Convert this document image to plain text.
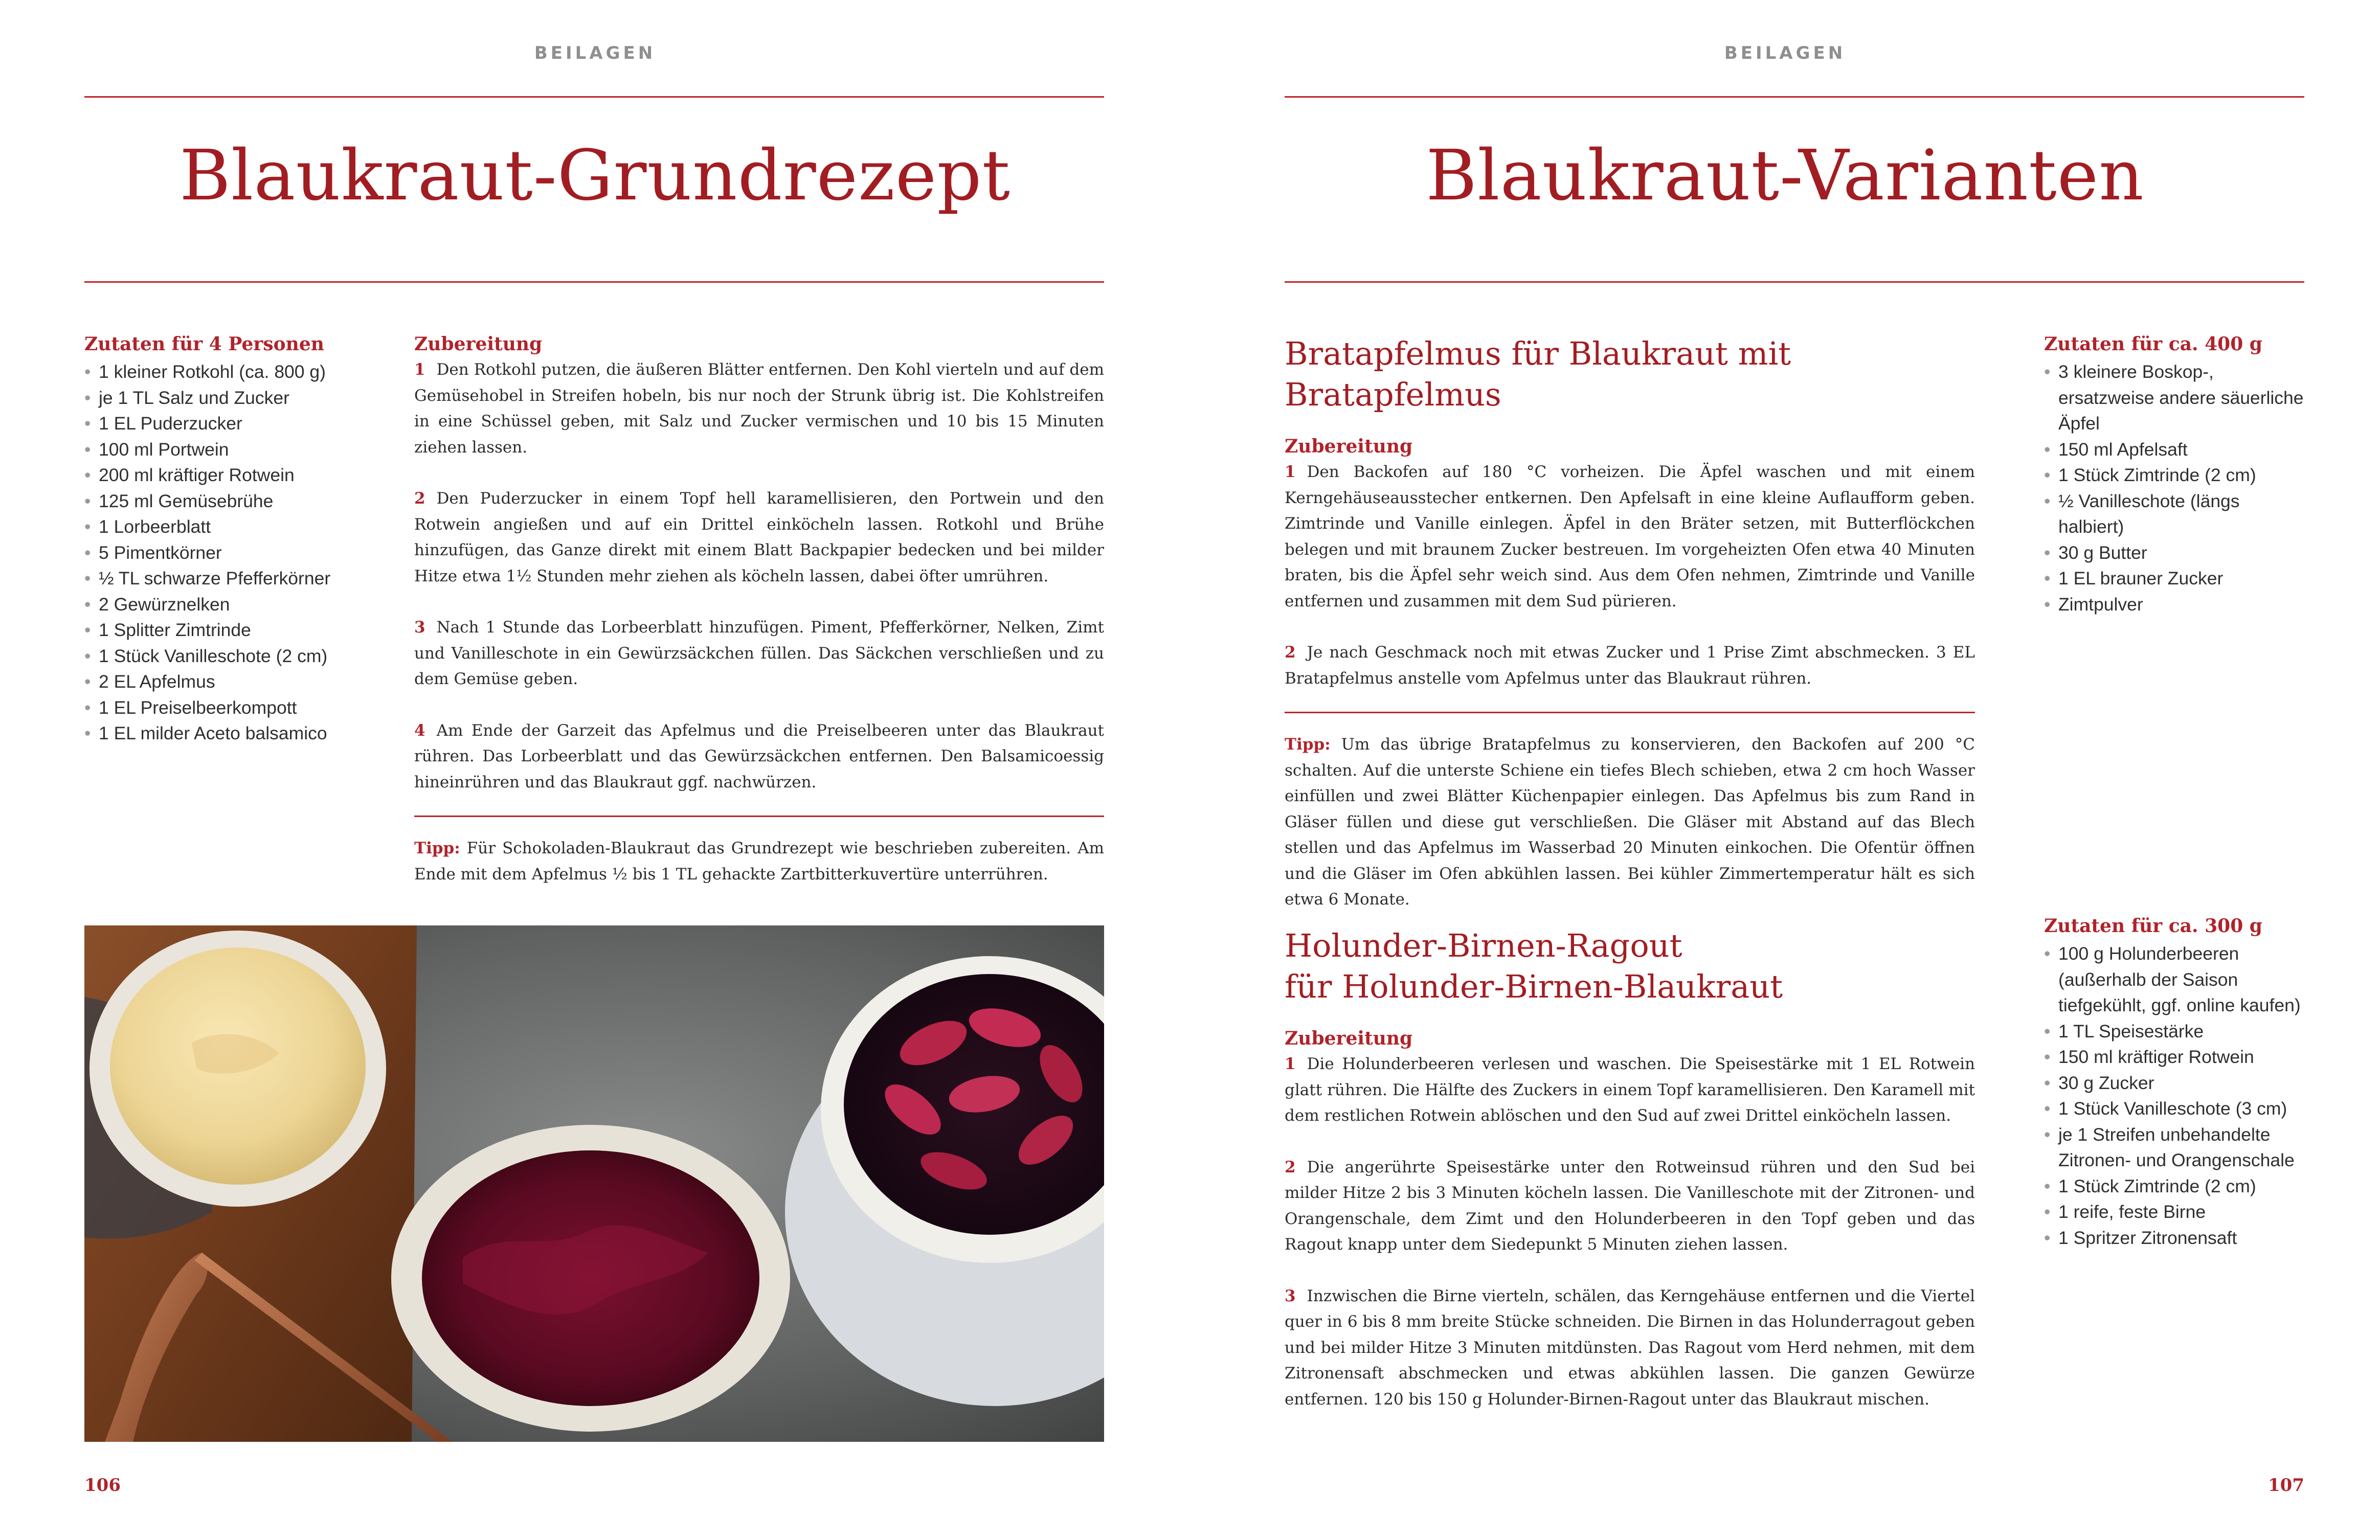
BEILAGEN
Blaukraut-Grundrezept
Zutaten für 4 Personen
• 1 kleiner Rotkohl (ca. 800 g)
• je 1 TL Salz und Zucker
• 1 EL Puderzucker
• 100 ml Portwein
• 200 ml kräftiger Rotwein
• 125 ml Gemüsebrühe
• 1 Lorbeerblatt
• 5 Pimentkörner
• ½ TL schwarze Pfefferkörner
• 2 Gewürznelken
• 1 Splitter Zimtrinde
• 1 Stück Vanilleschote (2 cm)
• 2 EL Apfelmus
• 1 EL Preiselbeerkompott
• 1 EL milder Aceto balsamico
Zubereitung

1 Den Rotkohl putzen, die äußeren Blätter entfernen. Den Kohl vierteln und auf dem Gemüsehobel in Streifen hobeln, bis nur noch der Strunk übrig ist. Die Kohlstreifen in eine Schüssel geben, mit Salz und Zucker vermischen und 10 bis 15 Minuten ziehen lassen.

2 Den Puderzucker in einem Topf hell karamellisieren, den Portwein und den Rotwein angießen und auf ein Drittel einköcheln lassen. Rotkohl und Brühe hinzufügen, das Ganze direkt mit einem Blatt Backpapier bedecken und bei milder Hitze etwa 1½ Stunden mehr ziehen als köcheln lassen, dabei öfter umrühren.

3 Nach 1 Stunde das Lorbeerblatt hinzufügen. Piment, Pfefferkörner, Nelken, Zimt und Vanilleschote in ein Gewürzsäckchen füllen. Das Säckchen verschließen und zu dem Gemüse geben.

4 Am Ende der Garzeit das Apfelmus und die Preiselbeeren unter das Blaukraut rühren. Das Lorbeerblatt und das Gewürzsäckchen entfernen. Den Balsamicoessig hineinrühren und das Blaukraut ggf. nachwürzen.

Tipp: Für Schokoladen-Blaukraut das Grundrezept wie beschrieben zubereiten. Am Ende mit dem Apfelmus ½ bis 1 TL gehackte Zartbitterkuvertüre unterrühren.

106
BEILAGEN
Blaukraut-Varianten
Bratapfelmus für Blaukraut mit Bratapfelmus
Zubereitung

1 Den Backofen auf 180 °C vorheizen. Die Äpfel waschen und mit einem Kerngehäuseausstecher entkernen. Den Apfelsaft in eine kleine Auflaufform geben. Zimtrinde und Vanille einlegen. Äpfel in den Bräter setzen, mit Butterflöckchen belegen und mit braunem Zucker bestreuen. Im vorgeheizten Ofen etwa 40 Minuten braten, bis die Äpfel sehr weich sind. Aus dem Ofen nehmen, Zimtrinde und Vanille entfernen und zusammen mit dem Sud pürieren.

2 Je nach Geschmack noch mit etwas Zucker und 1 Prise Zimt abschmecken. 3 EL Bratapfelmus anstelle vom Apfelmus unter das Blaukraut rühren.

Tipp: Um das übrige Bratapfelmus zu konservieren, den Backofen auf 200 °C schalten. Auf die unterste Schiene ein tiefes Blech schieben, etwa 2 cm hoch Wasser einfüllen und zwei Blätter Küchenpapier einlegen. Das Apfelmus bis zum Rand in Gläser füllen und diese gut verschließen. Die Gläser mit Abstand auf das Blech stellen und das Apfelmus im Wasserbad 20 Minuten einkochen. Die Ofentür öffnen und die Gläser im Ofen abkühlen lassen. Bei kühler Zimmertemperatur hält es sich etwa 6 Monate.

Zutaten für ca. 400 g
• 3 kleinere Boskop-, ersatzweise andere säuerliche Äpfel
• 150 ml Apfelsaft
• 1 Stück Zimtrinde (2 cm)
• ½ Vanilleschote (längs halbiert)
• 30 g Butter
• 1 EL brauner Zucker
• Zimtpulver
Holunder-Birnen-Ragout
für Holunder-Birnen-Blaukraut
Zubereitung

1 Die Holunderbeeren verlesen und waschen. Die Speisestärke mit 1 EL Rotwein glatt rühren. Die Hälfte des Zuckers in einem Topf karamellisieren. Den Karamell mit dem restlichen Rotwein ablöschen und den Sud auf zwei Drittel einköcheln lassen.

2 Die angerührte Speisestärke unter den Rotweinsud rühren und den Sud bei milder Hitze 2 bis 3 Minuten köcheln lassen. Die Vanilleschote mit der Zitronen- und Orangenschale, dem Zimt und den Holunderbeeren in den Topf geben und das Ragout knapp unter dem Siedepunkt 5 Minuten ziehen lassen.

3 Inzwischen die Birne vierteln, schälen, das Kerngehäuse entfernen und die Viertel quer in 6 bis 8 mm breite Stücke schneiden. Die Birnen in das Holunderragout geben und bei milder Hitze 3 Minuten mitdünsten. Das Ragout vom Herd nehmen, mit dem Zitronensaft abschmecken und etwas abkühlen lassen. Die ganzen Gewürze entfernen. 120 bis 150 g Holunder-Birnen-Ragout unter das Blaukraut mischen.

Zutaten für ca. 300 g
• 100 g Holunderbeeren (außerhalb der Saison tiefgekühlt, ggf. online kaufen)
• 1 TL Speisestärke
• 150 ml kräftiger Rotwein
• 30 g Zucker
• 1 Stück Vanilleschote (3 cm)
• je 1 Streifen unbehandelte Zitronen- und Orangenschale
• 1 Stück Zimtrinde (2 cm)
• 1 reife, feste Birne
• 1 Spritzer Zitronensaft
107
